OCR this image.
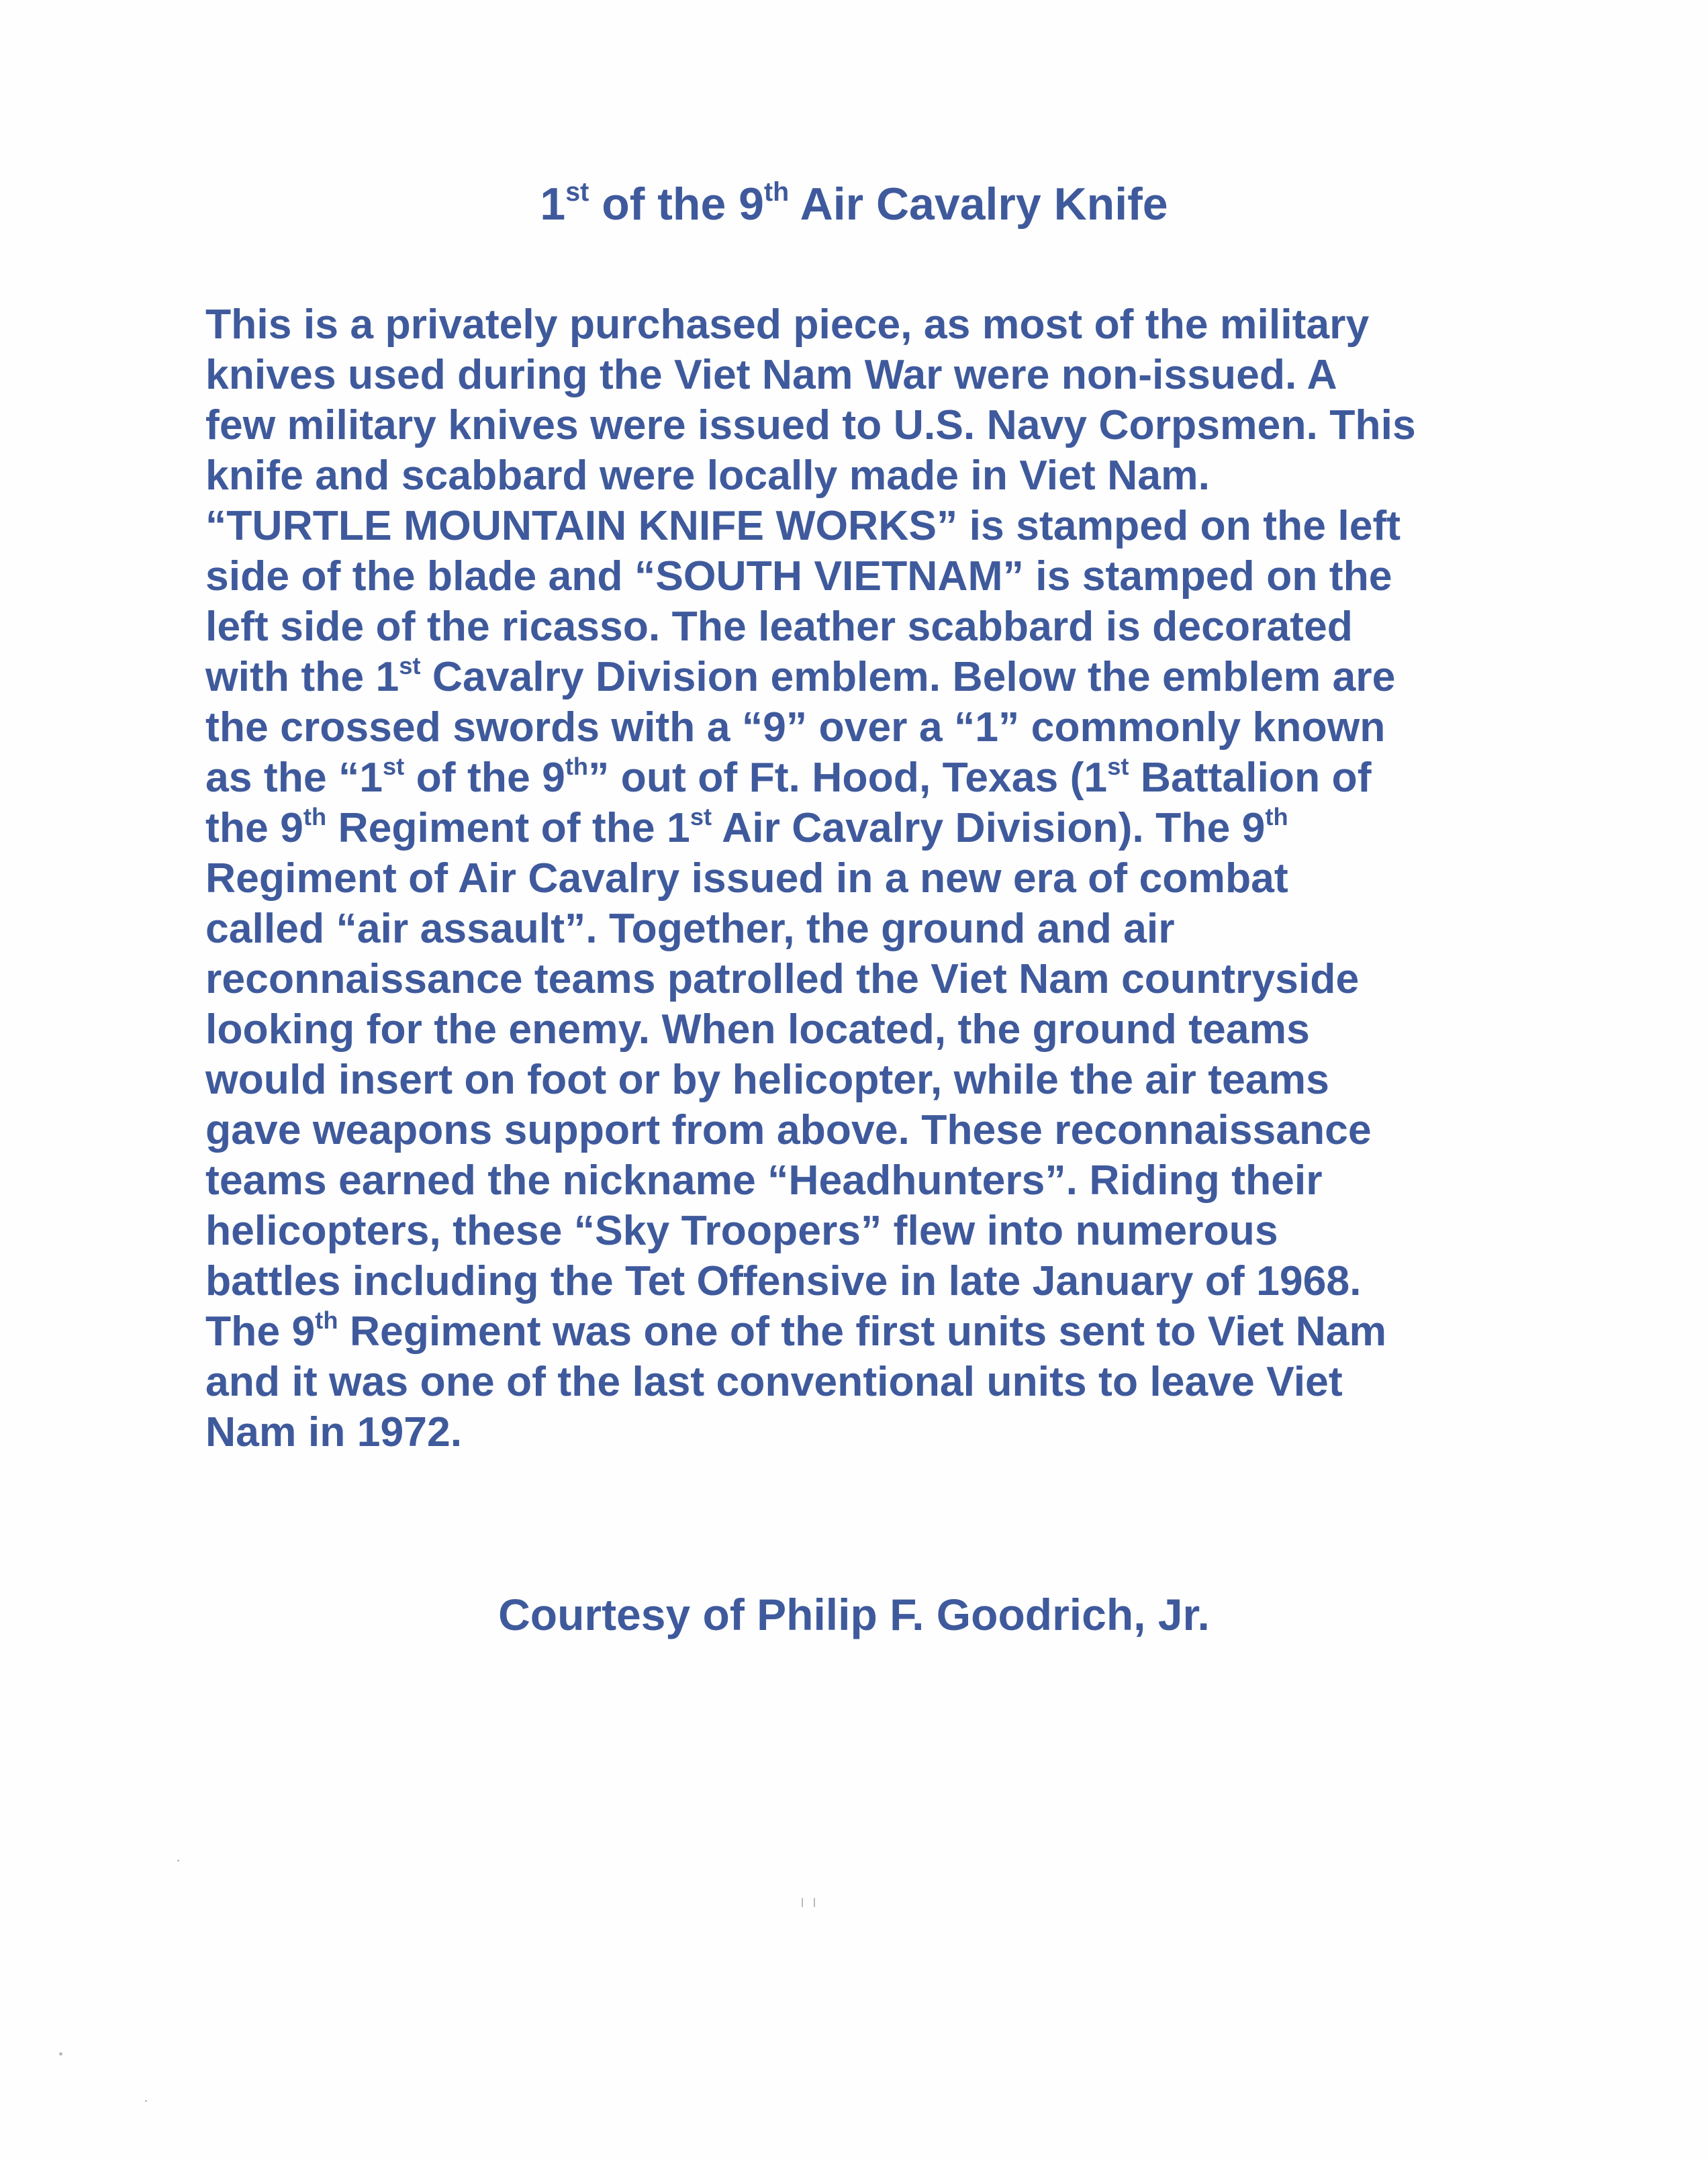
1st of the 9th Air Cavalry Knife
This is a privately purchased piece, as most of the military
knives used during the Viet Nam War were non-issued. A
few military knives were issued to U.S. Navy Corpsmen. This
knife and scabbard were locally made in Viet Nam.
“TURTLE MOUNTAIN KNIFE WORKS” is stamped on the left
side of the blade and “SOUTH VIETNAM” is stamped on the
left side of the ricasso. The leather scabbard is decorated
with the 1st Cavalry Division emblem. Below the emblem are
the crossed swords with a “9” over a “1” commonly known
as the “1st of the 9th” out of Ft. Hood, Texas (1st Battalion of
the 9th Regiment of the 1st Air Cavalry Division). The 9th
Regiment of Air Cavalry issued in a new era of combat
called “air assault”. Together, the ground and air
reconnaissance teams patrolled the Viet Nam countryside
looking for the enemy. When located, the ground teams
would insert on foot or by helicopter, while the air teams
gave weapons support from above. These reconnaissance
teams earned the nickname “Headhunters”. Riding their
helicopters, these “Sky Troopers” flew into numerous
battles including the Tet Offensive in late January of 1968.
The 9th Regiment was one of the first units sent to Viet Nam
and it was one of the last conventional units to leave Viet
Nam in 1972.
Courtesy of Philip F. Goodrich, Jr.
